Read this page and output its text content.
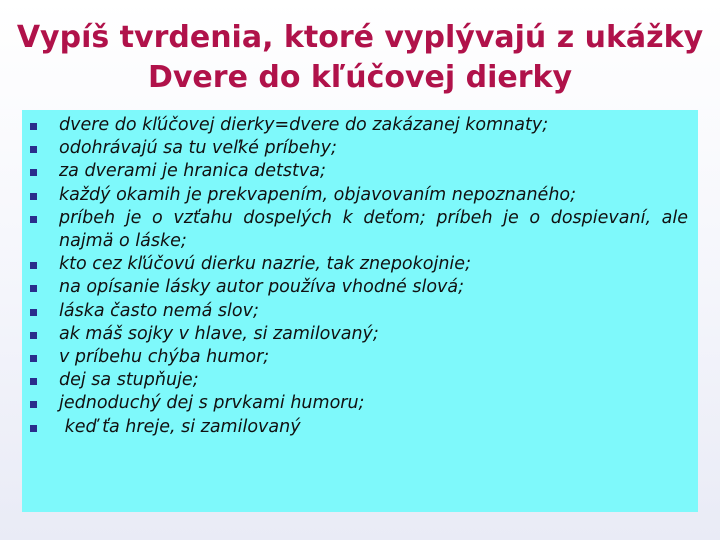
Vypíš tvrdenia, ktoré vyplývajú z ukážky
Dvere do kľúčovej dierky
dvere do kľúčovej dierky=dvere do zakázanej komnaty;
odohrávajú sa tu veľké príbehy;
za dverami je hranica detstva;
každý okamih je prekvapením, objavovaním nepoznaného;
príbeh je o vzťahu dospelých k deťom; príbeh je o dospievaní, ale najmä o láske;
kto cez kľúčovú dierku nazrie, tak znepokojnie;
na opísanie lásky autor používa vhodné slová;
láska často nemá slov;
ak máš sojky v hlave, si zamilovaný;
v príbehu chýba humor;
dej sa stupňuje;
jednoduchý dej s prvkami humoru;
keď ťa hreje, si zamilovaný
